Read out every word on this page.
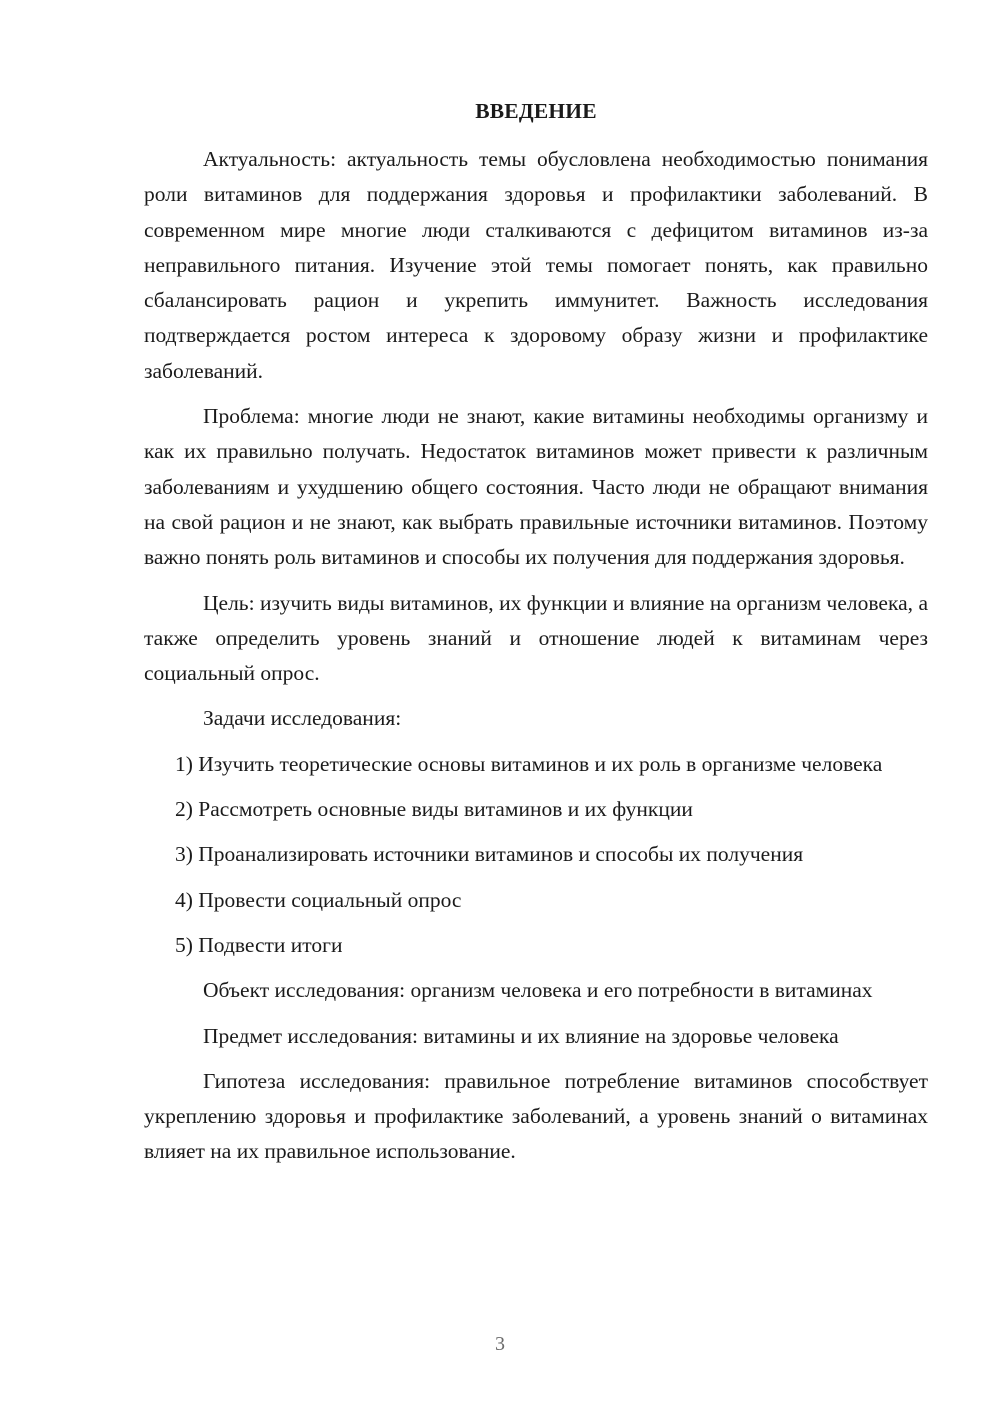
ВВЕДЕНИЕ

Актуальность: актуальность темы обусловлена необходимостью понимания роли витаминов для поддержания здоровья и профилактики заболеваний. В современном мире многие люди сталкиваются с дефицитом витаминов из-за неправильного питания. Изучение этой темы помогает понять, как правильно сбалансировать рацион и укрепить иммунитет. Важность исследования подтверждается ростом интереса к здоровому образу жизни и профилактике заболеваний.

Проблема: многие люди не знают, какие витамины необходимы организму и как их правильно получать. Недостаток витаминов может привести к различным заболеваниям и ухудшению общего состояния. Часто люди не обращают внимания на свой рацион и не знают, как выбрать правильные источники витаминов. Поэтому важно понять роль витаминов и способы их получения для поддержания здоровья.

Цель: изучить виды витаминов, их функции и влияние на организм человека, а также определить уровень знаний и отношение людей к витаминам через социальный опрос.

Задачи исследования:

1) Изучить теоретические основы витаминов и их роль в организме человека

2) Рассмотреть основные виды витаминов и их функции

3) Проанализировать источники витаминов и способы их получения

4) Провести социальный опрос

5) Подвести итоги

Объект исследования: организм человека и его потребности в витаминах

Предмет исследования: витамины и их влияние на здоровье человека

Гипотеза исследования: правильное потребление витаминов способствует укреплению здоровья и профилактике заболеваний, а уровень знаний о витаминах влияет на их правильное использование.

3
